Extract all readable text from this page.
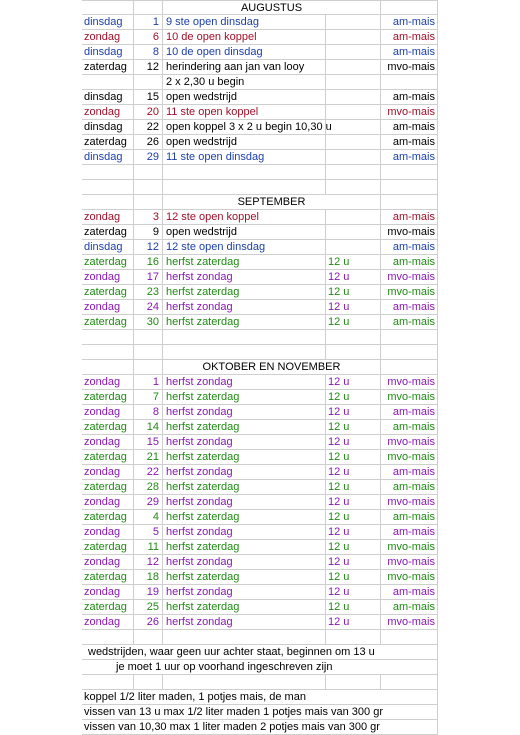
AUGUSTUS
dinsdag	1 9 ste open dinsdag	am-mais
zondag	6 10 de open koppel	am-mais
dinsdag	8 10 de open dinsdag	am-mais
zaterdag	12 herindering aan jan van looy	mvo-mais
2 x 2,30 u begin
dinsdag	15 open wedstrijd	am-mais
zondag	20 11 ste open koppel	mvo-mais
dinsdag	22 open koppel 3 x 2 u begin 10,30 u	am-mais
zaterdag	26 open wedstrijd	am-mais
dinsdag	29 11 ste open dinsdag	am-mais
SEPTEMBER
zondag	3 12 ste open koppel	am-mais
zaterdag	9 open wedstrijd	mvo-mais
dinsdag	12 12 ste open dinsdag	am-mais
zaterdag	16 herfst zaterdag	12 u	am-mais
zondag	17 herfst zondag	12 u	mvo-mais
zaterdag	23 herfst zaterdag	12 u	mvo-mais
zondag	24 herfst zondag	12 u	am-mais
zaterdag	30 herfst zaterdag	12 u	am-mais
OKTOBER EN NOVEMBER
zondag	1 herfst zondag	12 u	mvo-mais
zaterdag	7 herfst zaterdag	12 u	mvo-mais
zondag	8 herfst zondag	12 u	am-mais
zaterdag	14 herfst zaterdag	12 u	am-mais
zondag	15 herfst zondag	12 u	mvo-mais
zaterdag	21 herfst zaterdag	12 u	mvo-mais
zondag	22 herfst zondag	12 u	am-mais
zaterdag	28 herfst zaterdag	12 u	am-mais
zondag	29 herfst zondag	12 u	mvo-mais
zaterdag	4 herfst zaterdag	12 u	am-mais
zondag	5 herfst zondag	12 u	am-mais
zaterdag	11 herfst zaterdag	12 u	mvo-mais
zondag	12 herfst zondag	12 u	mvo-mais
zaterdag	18 herfst zaterdag	12 u	mvo-mais
zondag	19 herfst zondag	12 u	am-mais
zaterdag	25 herfst zaterdag	12 u	am-mais
zondag	26 herfst zondag	12 u	mvo-mais
wedstrijden, waar geen uur achter staat, beginnen om 13 u
je moet 1 uur op voorhand ingeschreven zijn
koppel 1/2 liter maden, 1 potjes mais, de man
vissen van 13 u max 1/2 liter maden 1 potjes mais van 300 gr
vissen van 10,30 max 1 liter maden 2 potjes mais van 300 gr
